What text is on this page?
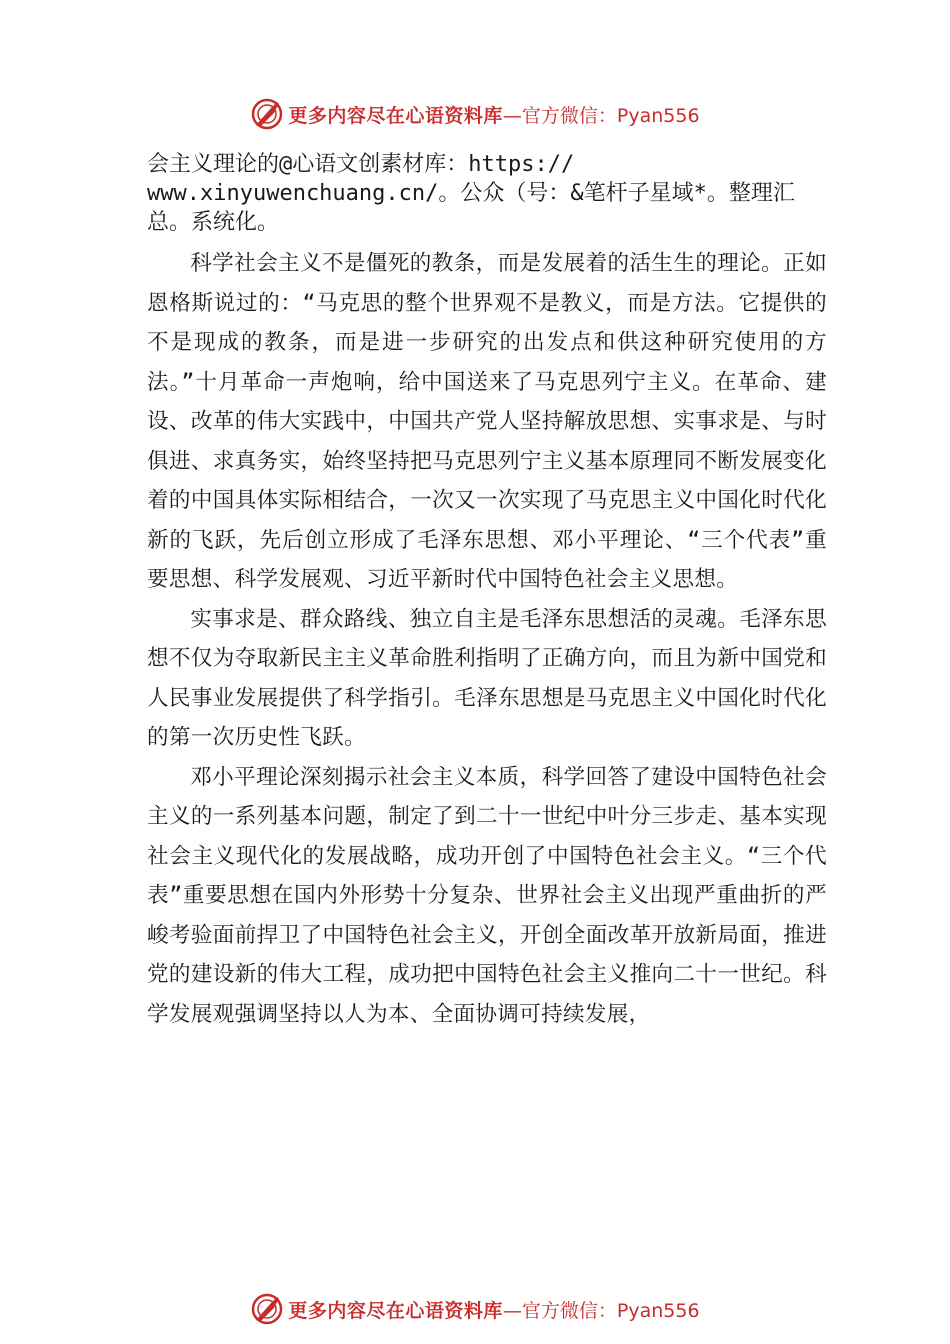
更多内容尽在心语资料库 —官方微信：Pyan556
会主义理论的@心语文创素材库：https://
www.xinyuwenchuang.cn/。公众（号：&笔杆子星域*。整理汇
总。系统化。

科学社会主义不是僵死的教条，而是发展着的活生生的理论。正如恩格斯说过的：“马克思的整个世界观不是教义，而是方法。它提供的不是现成的教条，而是进一步研究的出发点和供这种研究使用的方法。”十月革命一声炮响，给中国送来了马克思列宁主义。在革命、建设、改革的伟大实践中，中国共产党人坚持解放思想、实事求是、与时俱进、求真务实，始终坚持把马克思列宁主义基本原理同不断发展变化着的中国具体实际相结合，一次又一次实现了马克思主义中国化时代化新的飞跃，先后创立形成了毛泽东思想、邓小平理论、“三个代表”重要思想、科学发展观、习近平新时代中国特色社会主义思想。

实事求是、群众路线、独立自主是毛泽东思想活的灵魂。毛泽东思想不仅为夺取新民主主义革命胜利指明了正确方向，而且为新中国党和人民事业发展提供了科学指引。毛泽东思想是马克思主义中国化时代化的第一次历史性飞跃。

邓小平理论深刻揭示社会主义本质，科学回答了建设中国特色社会主义的一系列基本问题，制定了到二十一世纪中叶分三步走、基本实现社会主义现代化的发展战略，成功开创了中国特色社会主义。“三个代表”重要思想在国内外形势十分复杂、世界社会主义出现严重曲折的严峻考验面前捍卫了中国特色社会主义，开创全面改革开放新局面，推进党的建设新的伟大工程，成功把中国特色社会主义推向二十一世纪。科学发展观强调坚持以人为本、全面协调可持续发展，

更多内容尽在心语资料库 —官方微信：Pyan556
